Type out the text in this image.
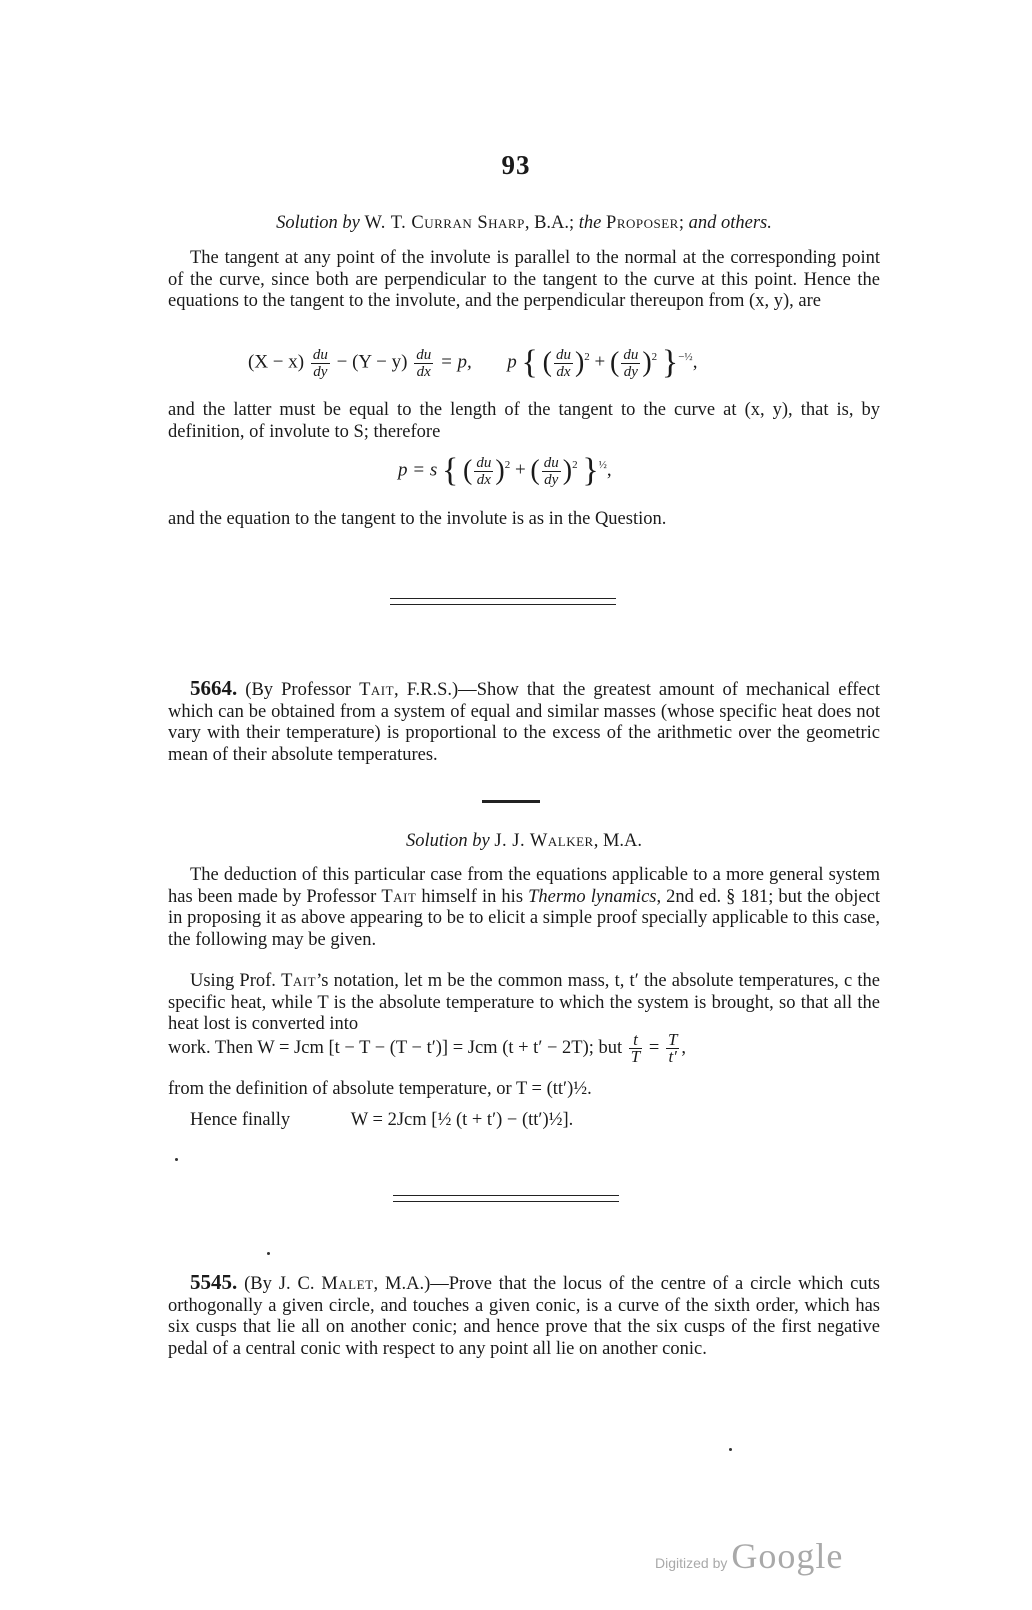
93
Solution by W. T. Curran Sharp, B.A.; the Proposer; and others.
The tangent at any point of the involute is parallel to the normal at the corresponding point of the curve, since both are perpendicular to the tangent to the curve at this point. Hence the equations to the tangent to the involute, and the perpendicular thereupon from (x, y), are
$(X - x) \frac{du}{dy} - (Y - y) \frac{du}{dx} = p$, p { ( $\frac{du}{dx} )^2$ + ( $\frac{du}{dy} )^2$ }$^{-\frac{1}{2}}$,
and the latter must be equal to the length of the tangent to the curve at (x, y), that is, by definition, of involute to S; therefore
p = s { ( $\frac{du}{dx} )^2$ + ( $\frac{du}{dy} )^2$ }$^{\frac{1}{2}}$,
and the equation to the tangent to the involute is as in the Question.
5664. (By Professor Tait, F.R.S.)—Show that the greatest amount of mechanical effect which can be obtained from a system of equal and similar masses (whose specific heat does not vary with their temperature) is proportional to the excess of the arithmetic over the geometric mean of their absolute temperatures.
Solution by J. J. Walker, M.A.
The deduction of this particular case from the equations applicable to a more general system has been made by Professor Tait himself in his Thermo lynamics, 2nd ed. § 181; but the object in proposing it as above appearing to be to elicit a simple proof specially applicable to this case, the following may be given.
Using Prof. Tait’s notation, let m be the common mass, t, t′ the absolute temperatures, c the specific heat, while T is the absolute temperature to which the system is brought, so that all the heat lost is converted into
work. Then W = Jcm [t − T − (T − t′)] = Jcm (t + t′ − 2T); but $\frac{t}{T} = \frac{T}{t'}$ ,
from the definition of absolute temperature, or T = (tt′)½.
Hence finally	W = 2Jcm [½ (t + t′) − (tt′)½].
5545. (By J. C. Malet, M.A.)—Prove that the locus of the centre of a circle which cuts orthogonally a given circle, and touches a given conic, is a curve of the sixth order, which has six cusps that lie all on another conic; and hence prove that the six cusps of the first negative pedal of a central conic with respect to any point all lie on another conic.
Digitized by Google
